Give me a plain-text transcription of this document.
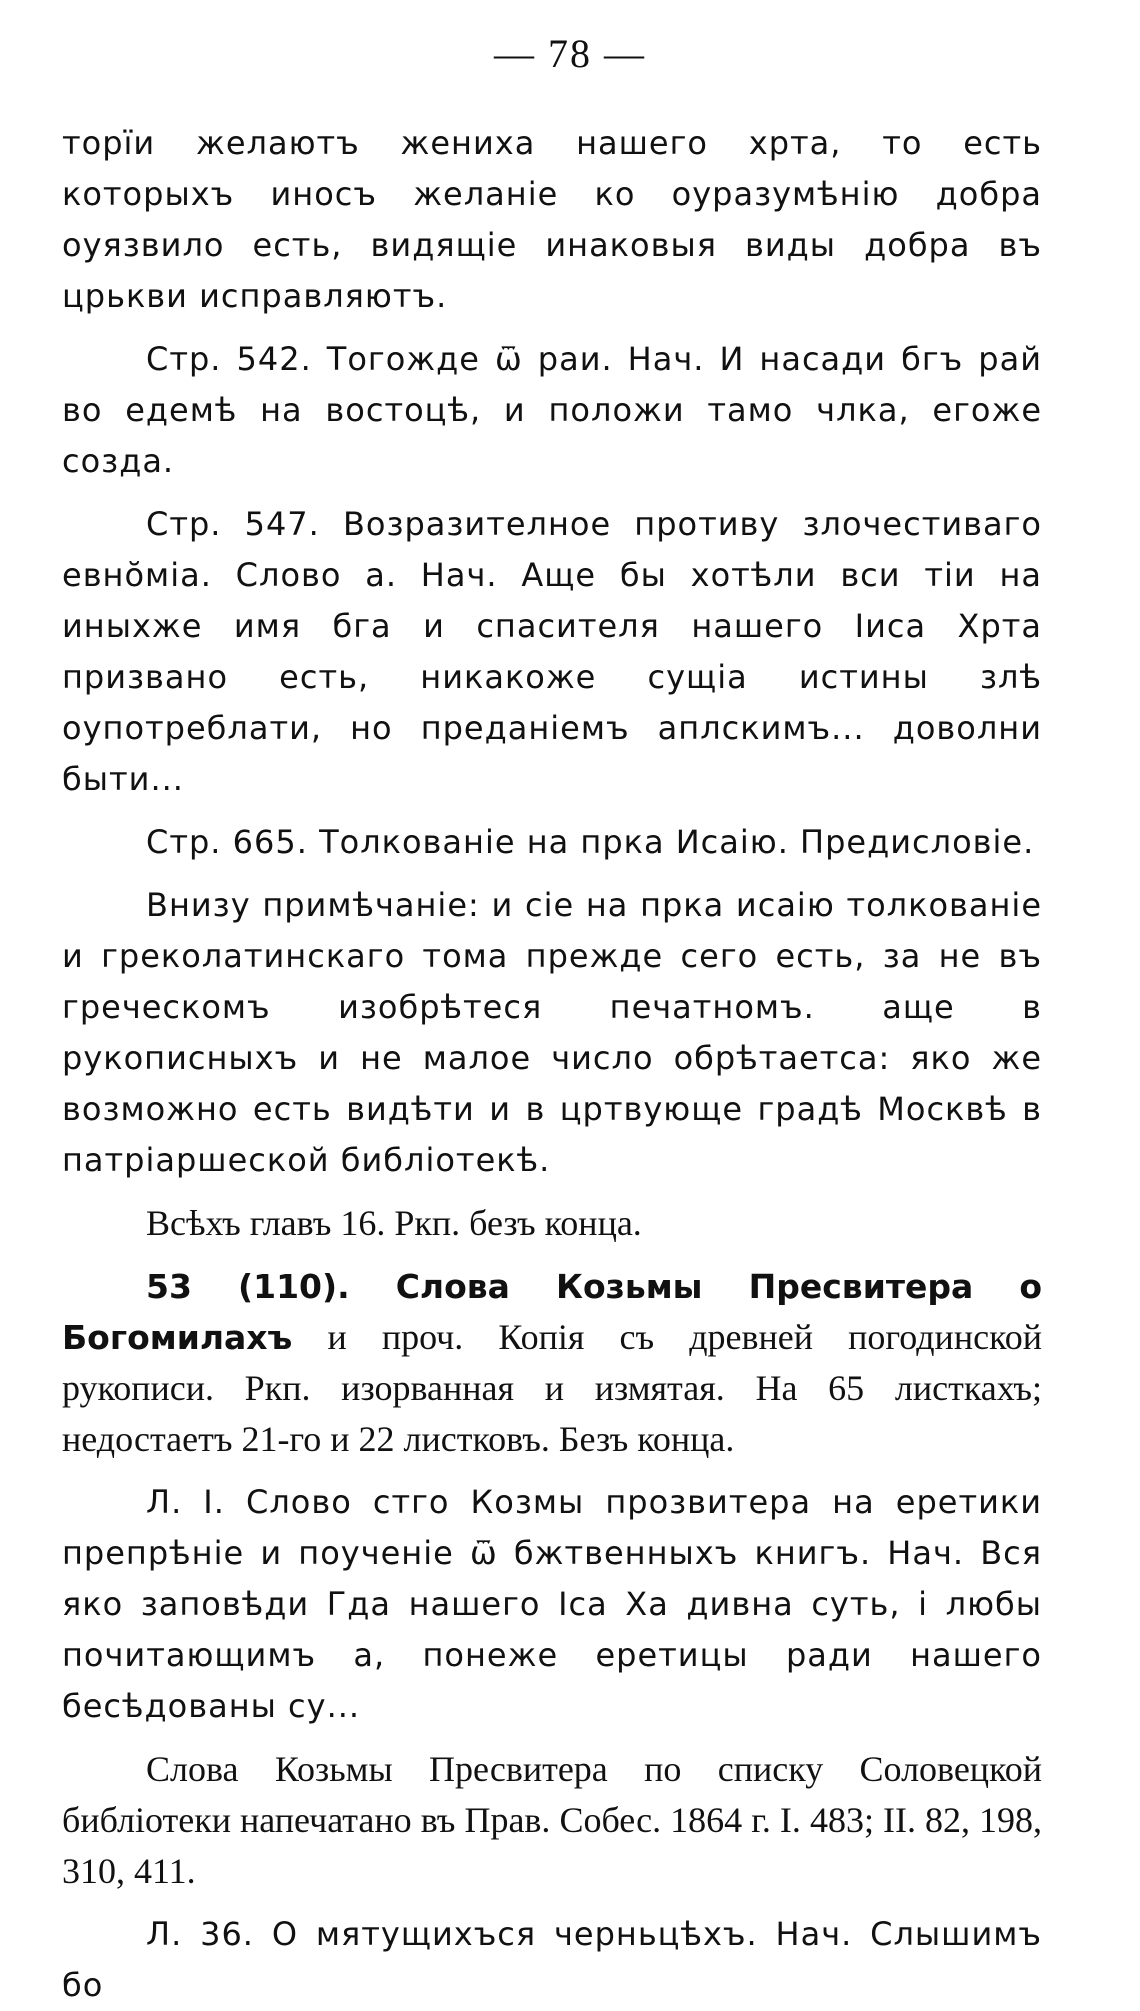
— 78 —

торїи желаютъ жениха нашего хрта, то есть которыхъ иносъ желаніе ко оуразумѣнію добра оуязвило есть, видящіе инаковыя виды добра въ црькви исправляютъ.

Стр. 542. Тогожде ѿ раи. Нач. И насади бгъ рай во едемѣ на востоцѣ, и положи тамо члка, егоже созда.

Стр. 547. Возразителное противу злочестиваго евно̆міа. Слово а. Нач. Аще бы хотѣли вси тіи на иныхже имя бга и спасителя нашего Іиса Хрта призвано есть, никакоже сущіа истины злѣ оупотреблати, но преданіемъ аплскимъ... доволни быти...

Стр. 665. Толкованіе на прка Исаію. Предисловіе.

Внизу примѣчаніе: и сіе на прка исаію толкованіе и греколатинскаго тома прежде сего есть, за не въ греческомъ изобрѣтеся печатномъ. аще в рукописныхъ и не малое число обрѣтаетса: яко же возможно есть видѣти и в цртвующе градѣ Москвѣ в патріаршеской библіотекѣ.

Всѣхъ главъ 16. Ркп. безъ конца.

53 (110). Слова Козьмы Пресвитера о Богомилахъ и проч. Копія съ древней погодинской рукописи. Ркп. изорванная и измятая. На 65 листкахъ; недостаетъ 21-го и 22 листковъ. Безъ конца.

Л. І. Слово стго Козмы прозвитера на еретики препрѣніе и поученіе ѿ бжтвенныхъ книгъ. Нач. Вся яко заповѣди Гда нашего Іса Ха дивна суть, і любы почитающимъ а, понеже еретицы ради нашего бесѣдованы су...

Слова Козьмы Пресвитера по списку Соловецкой библіотеки напечатано въ Прав. Собес. 1864 г. I. 483; II. 82, 198, 310, 411.

Л. 36. О мятущихъся черньцѣхъ. Нач. Слышимъ бо
